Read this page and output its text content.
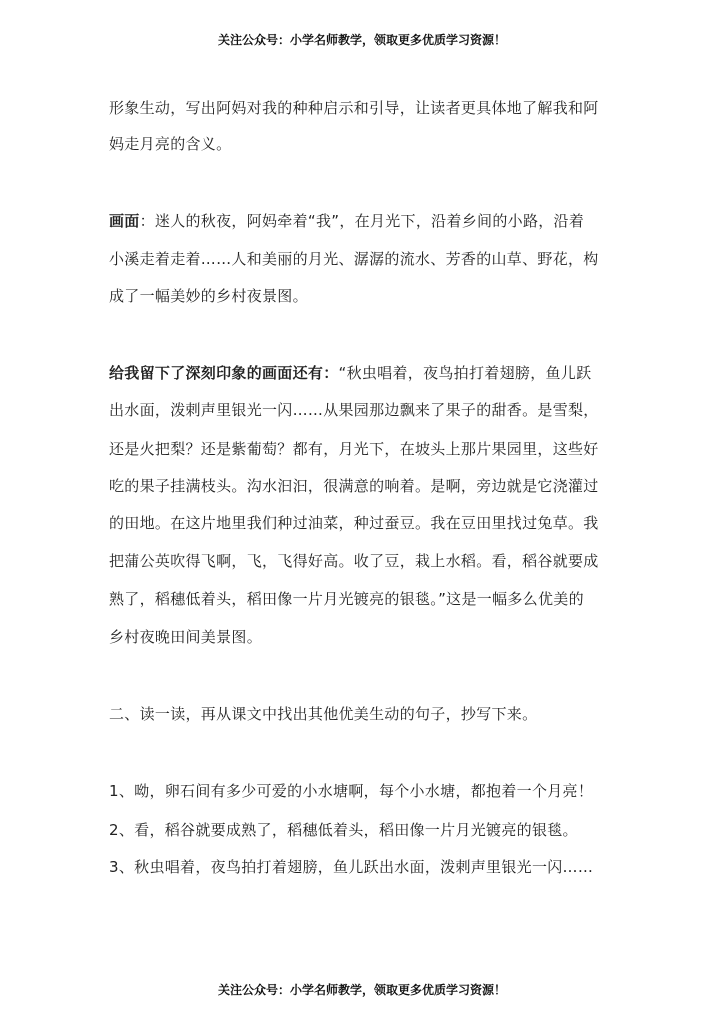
关注公众号：小学名师教学，领取更多优质学习资源！
形象生动，写出阿妈对我的种种启示和引导，让读者更具体地了解我和阿
妈走月亮的含义。
画面：迷人的秋夜，阿妈牵着“我”，在月光下，沿着乡间的小路，沿着
小溪走着走着……人和美丽的月光、潺潺的流水、芳香的山草、野花，构
成了一幅美妙的乡村夜景图。
给我留下了深刻印象的画面还有：“秋虫唱着，夜鸟拍打着翅膀，鱼儿跃
出水面，泼剌声里银光一闪……从果园那边飘来了果子的甜香。是雪梨，
还是火把梨？还是紫葡萄？都有，月光下，在坡头上那片果园里，这些好
吃的果子挂满枝头。沟水汩汩，很满意的响着。是啊，旁边就是它浇灌过
的田地。在这片地里我们种过油菜，种过蚕豆。我在豆田里找过兔草。我
把蒲公英吹得飞啊，飞，飞得好高。收了豆，栽上水稻。看，稻谷就要成
熟了，稻穗低着头，稻田像一片月光镀亮的银毯。”这是一幅多么优美的
乡村夜晚田间美景图。
二、读一读，再从课文中找出其他优美生动的句子，抄写下来。
1、呦，卵石间有多少可爱的小水塘啊，每个小水塘，都抱着一个月亮！
2、看，稻谷就要成熟了，稻穗低着头，稻田像一片月光镀亮的银毯。
3、秋虫唱着，夜鸟拍打着翅膀，鱼儿跃出水面，泼剌声里银光一闪……
关注公众号：小学名师教学，领取更多优质学习资源！
